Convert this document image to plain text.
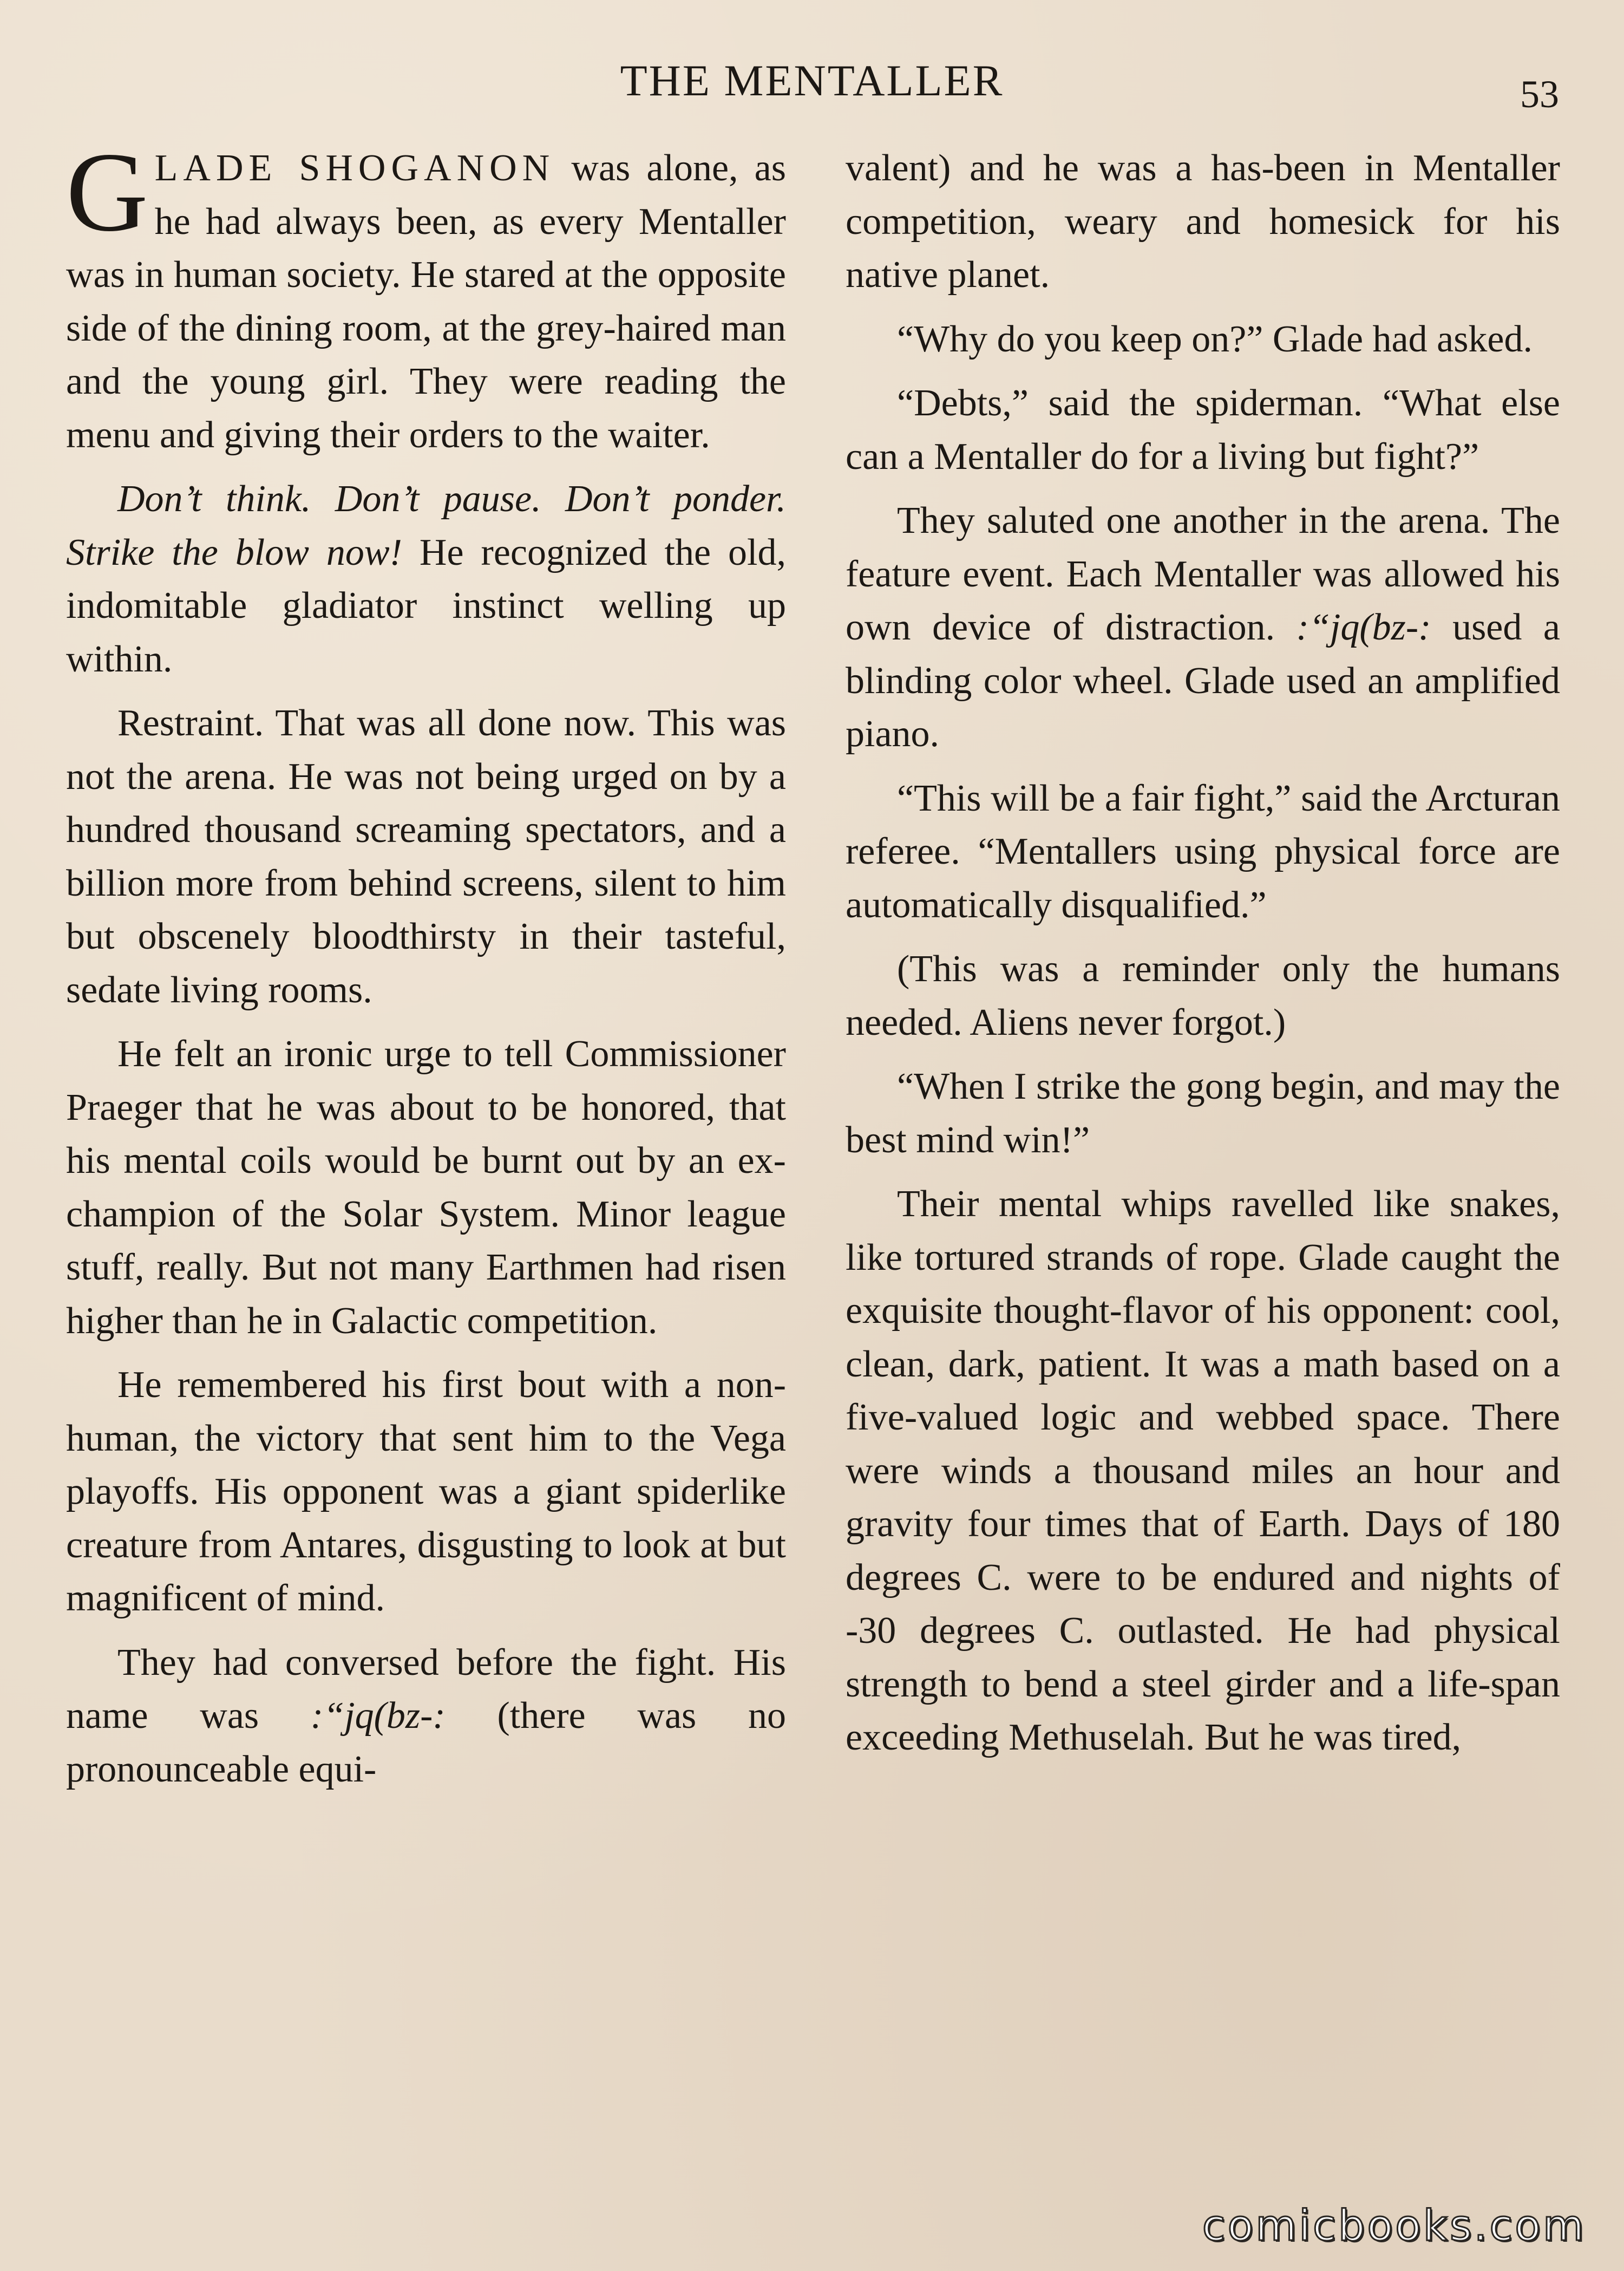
THE MENTALLER	53

GLADE SHOGANON was alone, as he had always been, as every Mentaller was in human society. He stared at the opposite side of the dining room, at the grey-haired man and the young girl. They were reading the menu and giving their orders to the waiter.

Don’t think. Don’t pause. Don’t ponder. Strike the blow now! He recognized the old, indomitable gladiator instinct welling up within.

Restraint. That was all done now. This was not the arena. He was not being urged on by a hundred thousand screaming spectators, and a billion more from behind screens, silent to him but obscenely bloodthirsty in their tasteful, sedate living rooms.

He felt an ironic urge to tell Commissioner Praeger that he was about to be honored, that his mental coils would be burnt out by an ex-champion of the Solar System. Minor league stuff, really. But not many Earthmen had risen higher than he in Galactic competition.

He remembered his first bout with a non-human, the victory that sent him to the Vega playoffs. His opponent was a giant spiderlike creature from Antares, disgusting to look at but magnificent of mind.

They had conversed before the fight. His name was :“jq(bz-: (there was no pronounceable equi-

valent) and he was a has-been in Mentaller competition, weary and homesick for his native planet.

“Why do you keep on?” Glade had asked.

“Debts,” said the spiderman. “What else can a Mentaller do for a living but fight?”

They saluted one another in the arena. The feature event. Each Mentaller was allowed his own device of distraction. :“jq(bz-: used a blinding color wheel. Glade used an amplified piano.

“This will be a fair fight,” said the Arcturan referee. “Mentallers using physical force are automatically disqualified.”

(This was a reminder only the humans needed. Aliens never forgot.)

“When I strike the gong begin, and may the best mind win!”

Their mental whips ravelled like snakes, like tortured strands of rope. Glade caught the exquisite thought-flavor of his opponent: cool, clean, dark, patient. It was a math based on a five-valued logic and webbed space. There were winds a thousand miles an hour and gravity four times that of Earth. Days of 180 degrees C. were to be endured and nights of -30 degrees C. outlasted. He had physical strength to bend a steel girder and a life-span exceeding Methuselah. But he was tired,

comicbooks.com
